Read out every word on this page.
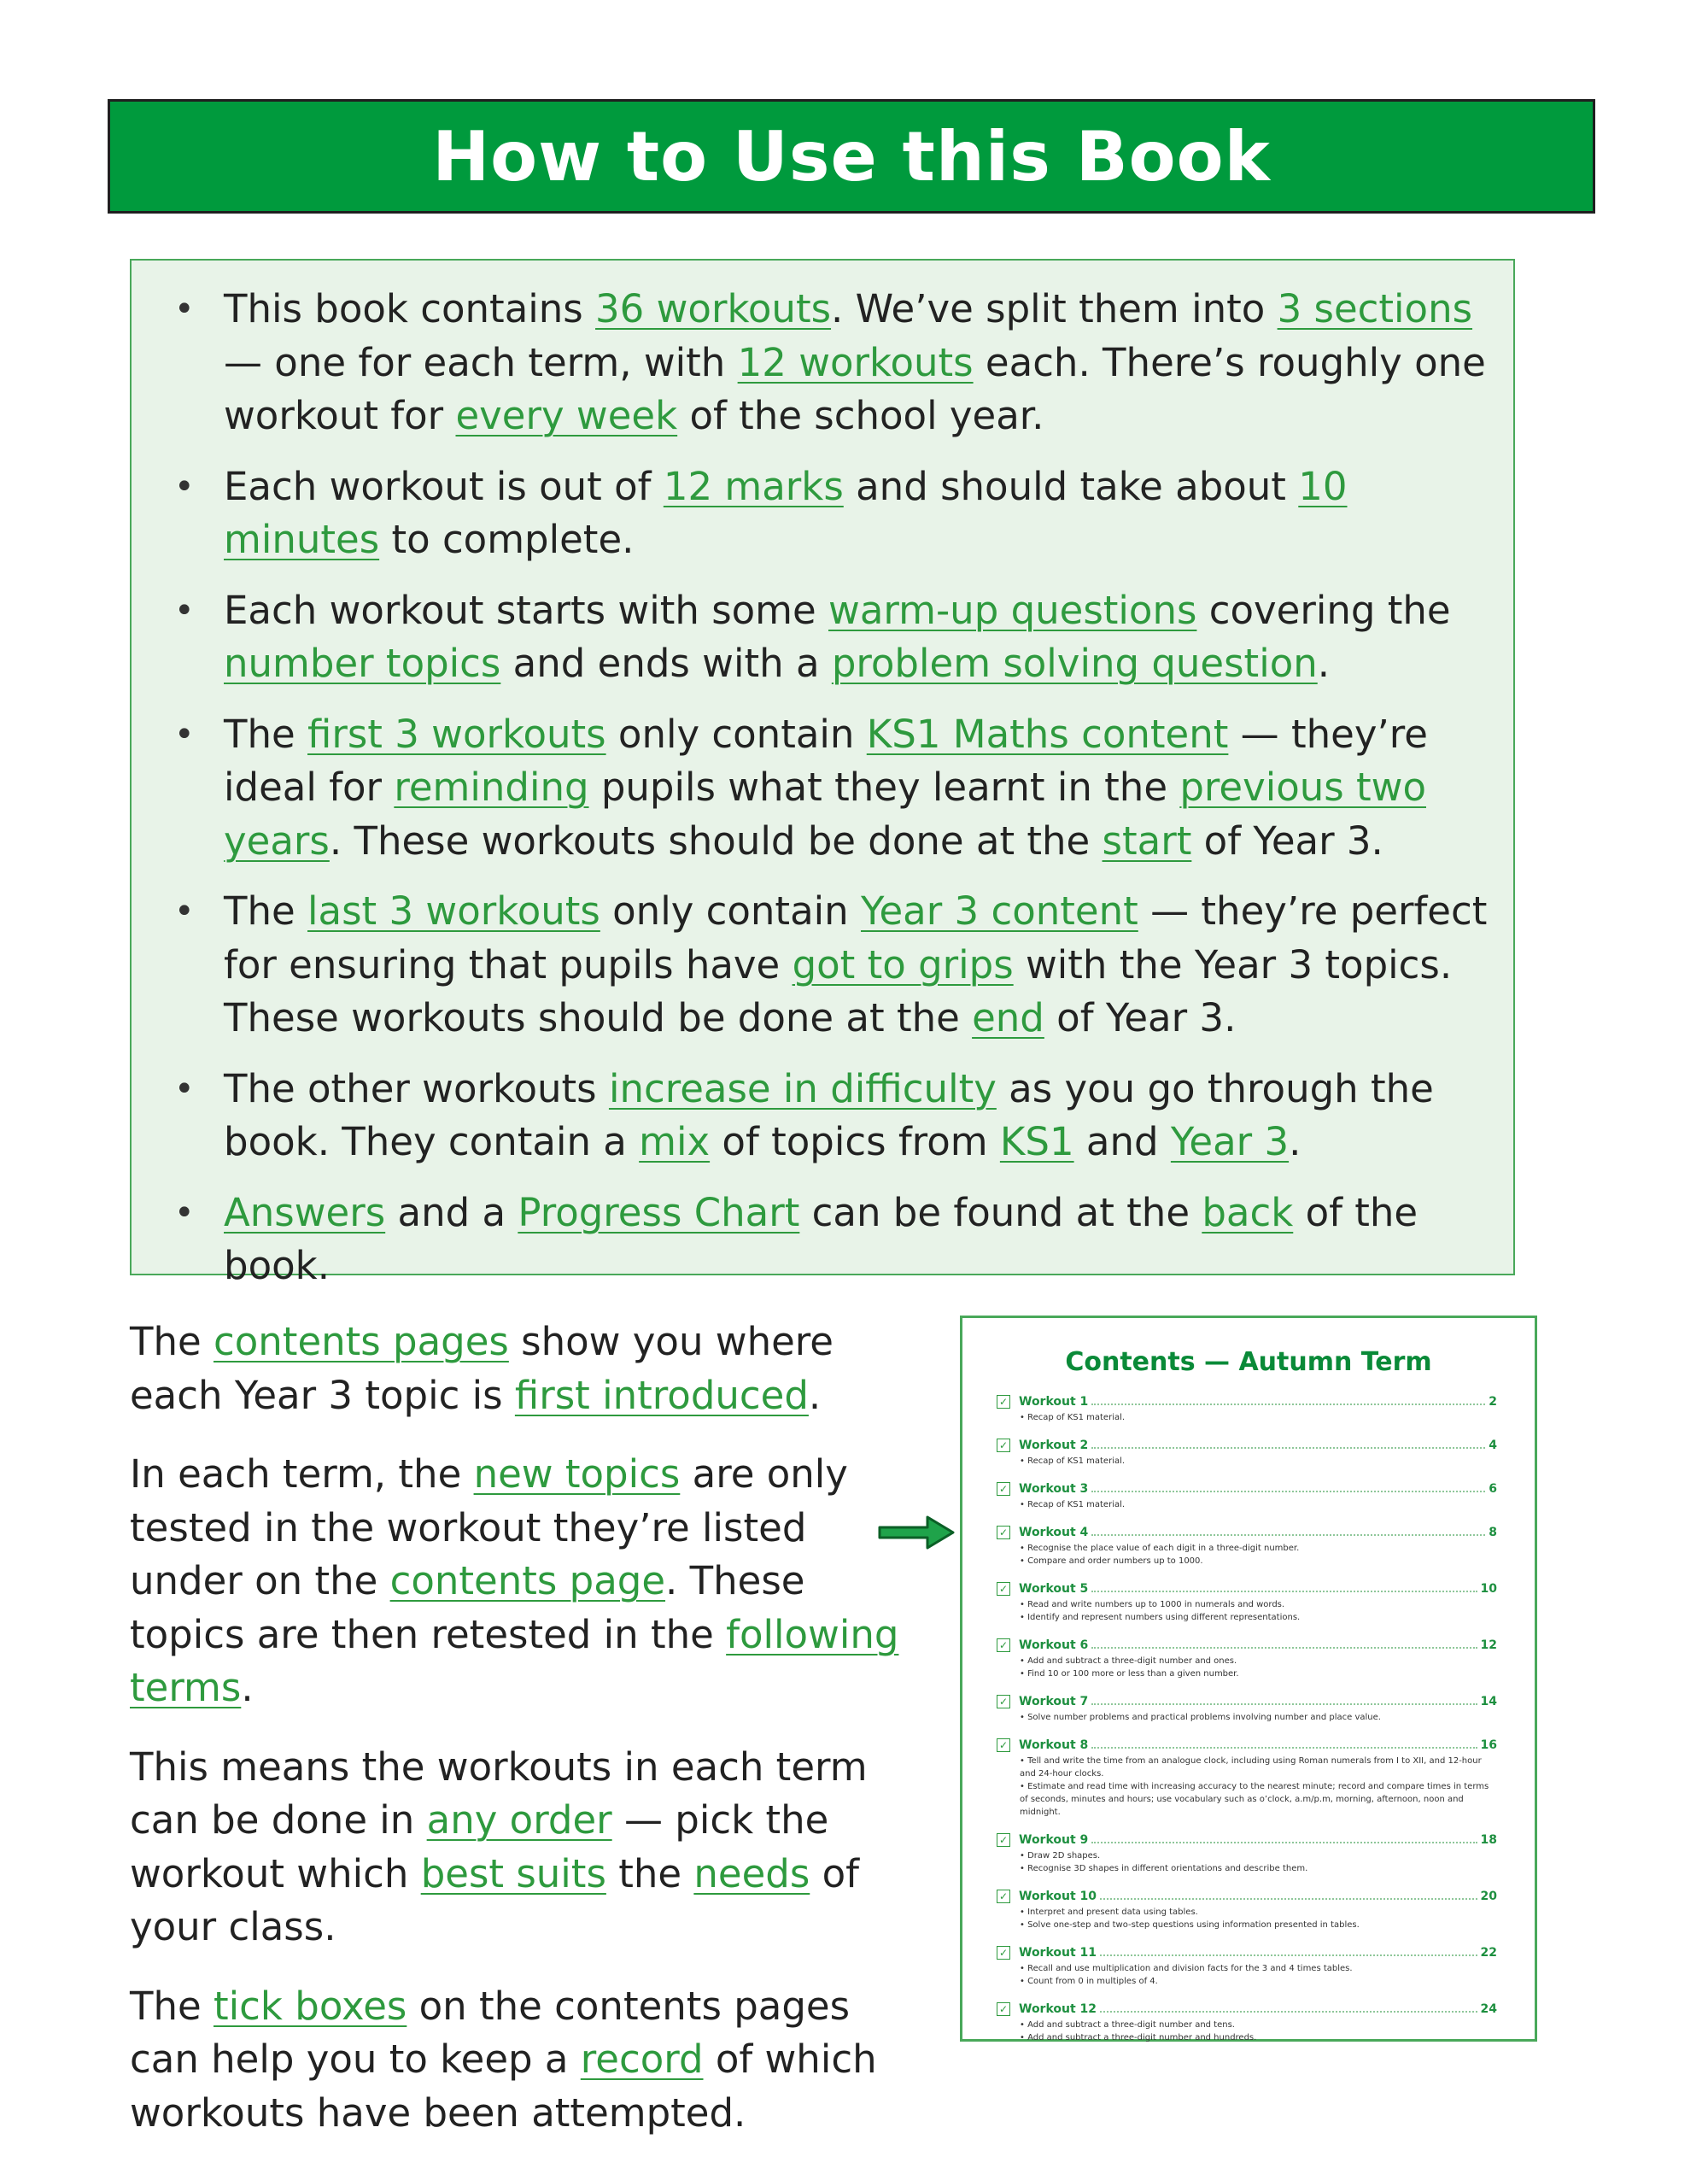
How to Use this Book
• This book contains 36 workouts. We’ve split them into 3 sections — one for each term, with 12 workouts each. There’s roughly one workout for every week of the school year.
• Each workout is out of 12 marks and should take about 10 minutes to complete.
• Each workout starts with some warm-up questions covering the number topics and ends with a problem solving question.
• The first 3 workouts only contain KS1 Maths content — they’re ideal for reminding pupils what they learnt in the previous two years. These workouts should be done at the start of Year 3.
• The last 3 workouts only contain Year 3 content — they’re perfect for ensuring that pupils have got to grips with the Year 3 topics. These workouts should be done at the end of Year 3.
• The other workouts increase in difficulty as you go through the book. They contain a mix of topics from KS1 and Year 3.
• Answers and a Progress Chart can be found at the back of the book.

The contents pages show you where each Year 3 topic is first introduced.

In each term, the new topics are only tested in the workout they’re listed under on the contents page. These topics are then retested in the following terms.

This means the workouts in each term can be done in any order — pick the workout which best suits the needs of your class.

The tick boxes on the contents pages can help you to keep a record of which workouts have been attempted.

Contents — Autumn Term
✓ Workout 1	2
• Recap of KS1 material.
✓ Workout 2	4
• Recap of KS1 material.
✓ Workout 3	6
• Recap of KS1 material.
✓ Workout 4	8
• Recognise the place value of each digit in a three-digit number.
• Compare and order numbers up to 1000.
✓ Workout 5	10
• Read and write numbers up to 1000 in numerals and words.
• Identify and represent numbers using different representations.
✓ Workout 6	12
• Add and subtract a three-digit number and ones.
• Find 10 or 100 more or less than a given number.
✓ Workout 7	14
• Solve number problems and practical problems involving number and place value.
✓ Workout 8	16
• Tell and write the time from an analogue clock, including using Roman numerals from I to XII, and 12-hour and 24-hour clocks.
• Estimate and read time with increasing accuracy to the nearest minute; record and compare times in terms of seconds, minutes and hours; use vocabulary such as o’clock, a.m/p.m, morning, afternoon, noon and midnight.
✓ Workout 9	18
• Draw 2D shapes.
• Recognise 3D shapes in different orientations and describe them.
✓ Workout 10	20
• Interpret and present data using tables.
• Solve one-step and two-step questions using information presented in tables.
✓ Workout 11	22
• Recall and use multiplication and division facts for the 3 and 4 times tables.
• Count from 0 in multiples of 4.
✓ Workout 12	24
• Add and subtract a three-digit number and tens.
• Add and subtract a three-digit number and hundreds.
